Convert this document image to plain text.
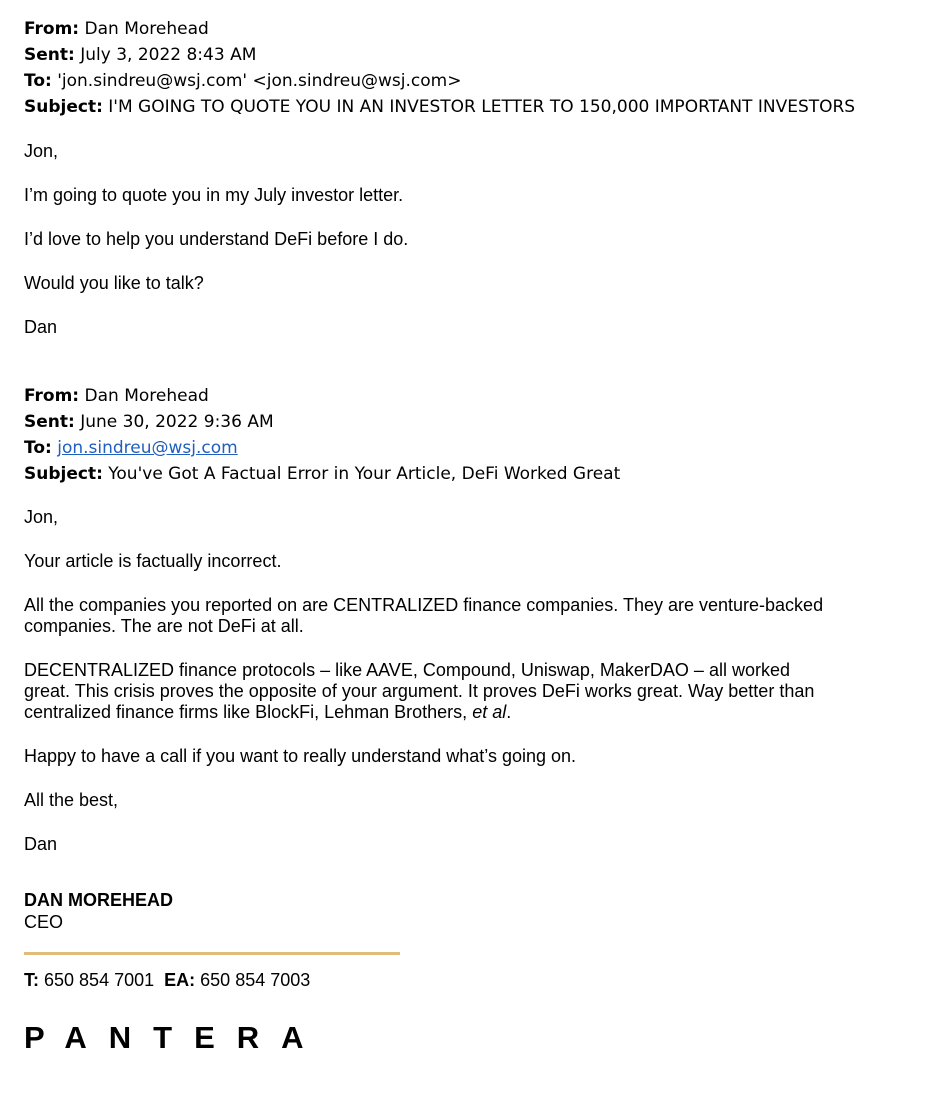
From: Dan Morehead

Sent: July 3, 2022 8:43 AM

To: 'jon.sindreu@wsj.com' <jon.sindreu@wsj.com>

Subject: I'M GOING TO QUOTE YOU IN AN INVESTOR LETTER TO 150,000 IMPORTANT INVESTORS

Jon,

I’m going to quote you in my July investor letter.

I’d love to help you understand DeFi before I do.

Would you like to talk?

Dan

From: Dan Morehead

Sent: June 30, 2022 9:36 AM

To: jon.sindreu@wsj.com

Subject: You've Got A Factual Error in Your Article, DeFi Worked Great

Jon,

Your article is factually incorrect.

All the companies you reported on are CENTRALIZED finance companies. They are venture-backed

companies. The are not DeFi at all.

DECENTRALIZED finance protocols – like AAVE, Compound, Uniswap, MakerDAO – all worked

great. This crisis proves the opposite of your argument. It proves DeFi works great. Way better than

centralized finance firms like BlockFi, Lehman Brothers, et al.

Happy to have a call if you want to really understand what’s going on.

All the best,

Dan

DAN MOREHEAD

CEO

T: 650 854 7001 EA: 650 854 7003
PANTERA
